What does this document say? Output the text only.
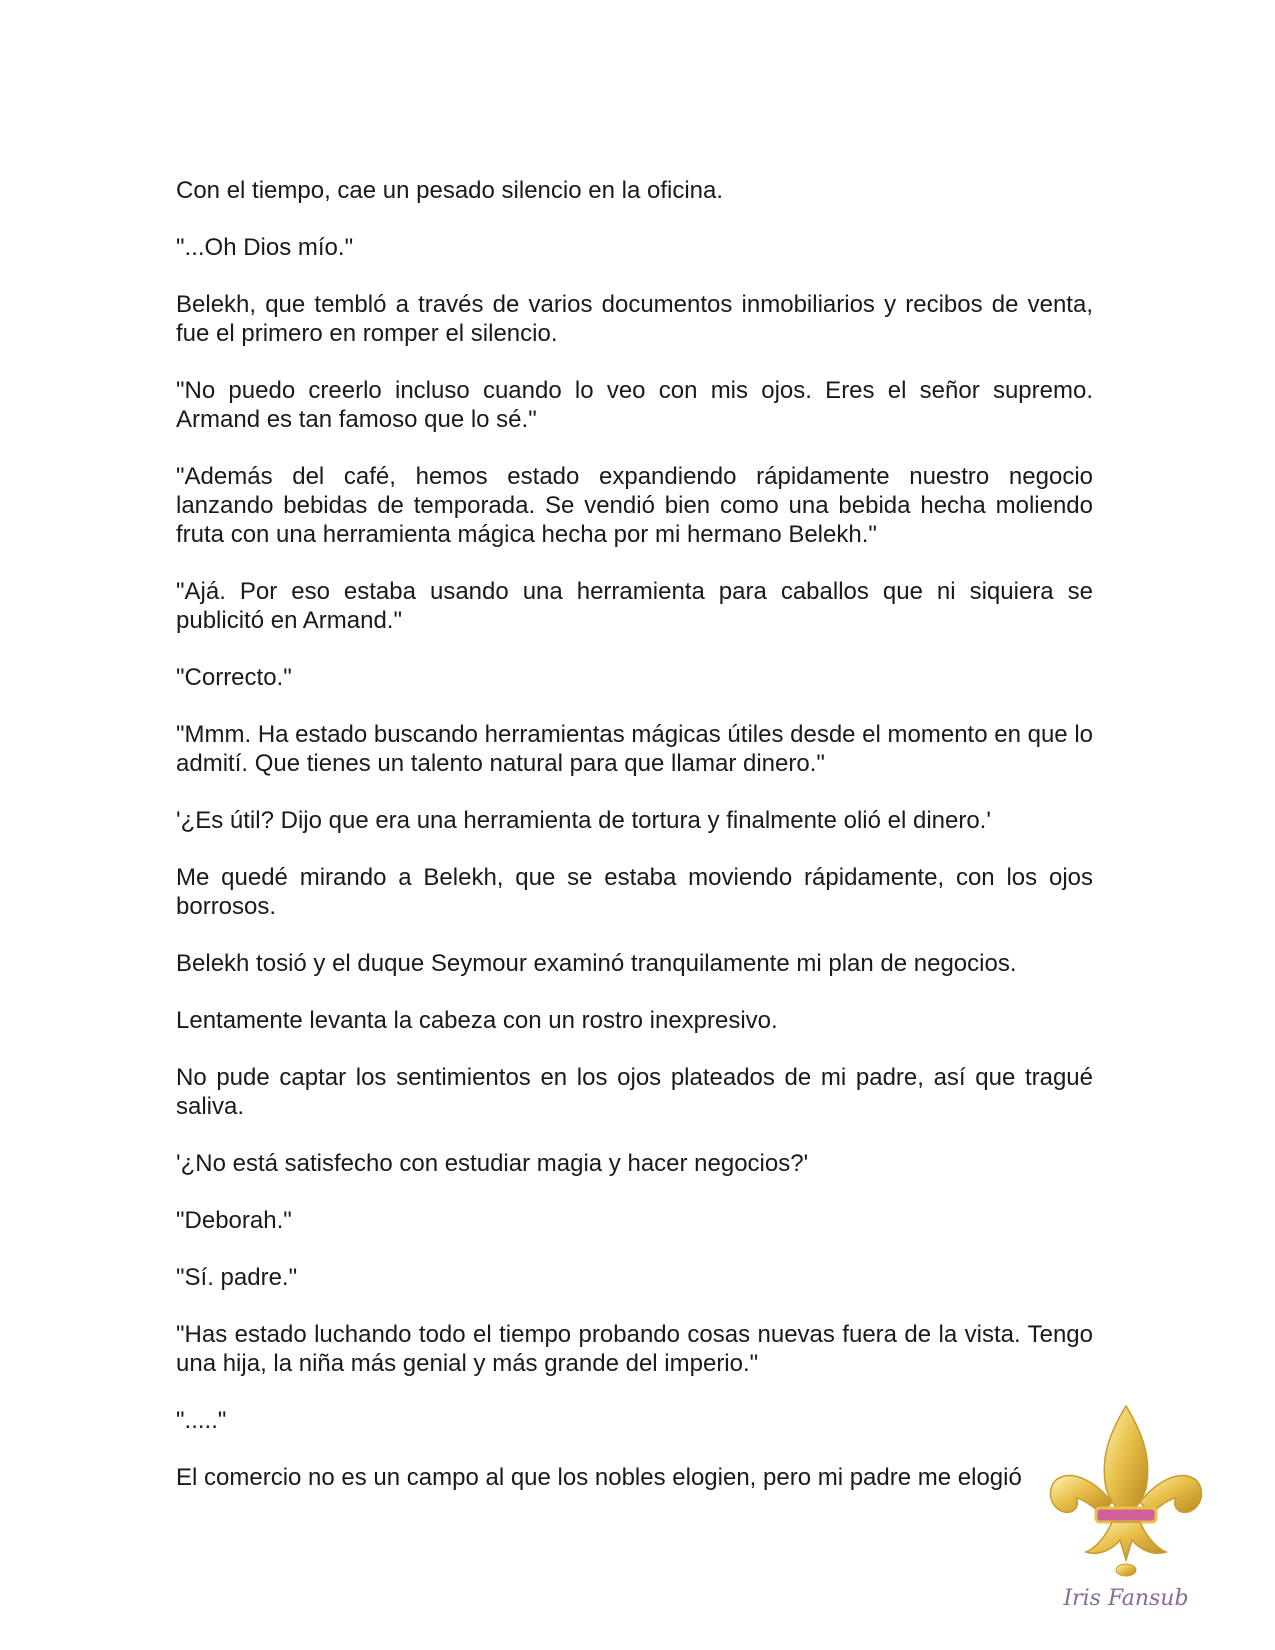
Con el tiempo, cae un pesado silencio en la oficina.

"...Oh Dios mío."

Belekh, que tembló a través de varios documentos inmobiliarios y recibos de venta, fue el primero en romper el silencio.

"No puedo creerlo incluso cuando lo veo con mis ojos. Eres el señor supremo. Armand es tan famoso que lo sé."

"Además del café, hemos estado expandiendo rápidamente nuestro negocio lanzando bebidas de temporada. Se vendió bien como una bebida hecha moliendo fruta con una herramienta mágica hecha por mi hermano Belekh."

"Ajá. Por eso estaba usando una herramienta para caballos que ni siquiera se publicitó en Armand."

"Correcto."

"Mmm. Ha estado buscando herramientas mágicas útiles desde el momento en que lo admití. Que tienes un talento natural para que llamar dinero."

'¿Es útil? Dijo que era una herramienta de tortura y finalmente olió el dinero.'

Me quedé mirando a Belekh, que se estaba moviendo rápidamente, con los ojos borrosos.

Belekh tosió y el duque Seymour examinó tranquilamente mi plan de negocios.

Lentamente levanta la cabeza con un rostro inexpresivo.

No pude captar los sentimientos en los ojos plateados de mi padre, así que tragué saliva.

'¿No está satisfecho con estudiar magia y hacer negocios?'

"Deborah."

"Sí. padre."

"Has estado luchando todo el tiempo probando cosas nuevas fuera de la vista. Tengo una hija, la niña más genial y más grande del imperio."

"....."

El comercio no es un campo al que los nobles elogien, pero mi padre me elogió

Iris Fansub
